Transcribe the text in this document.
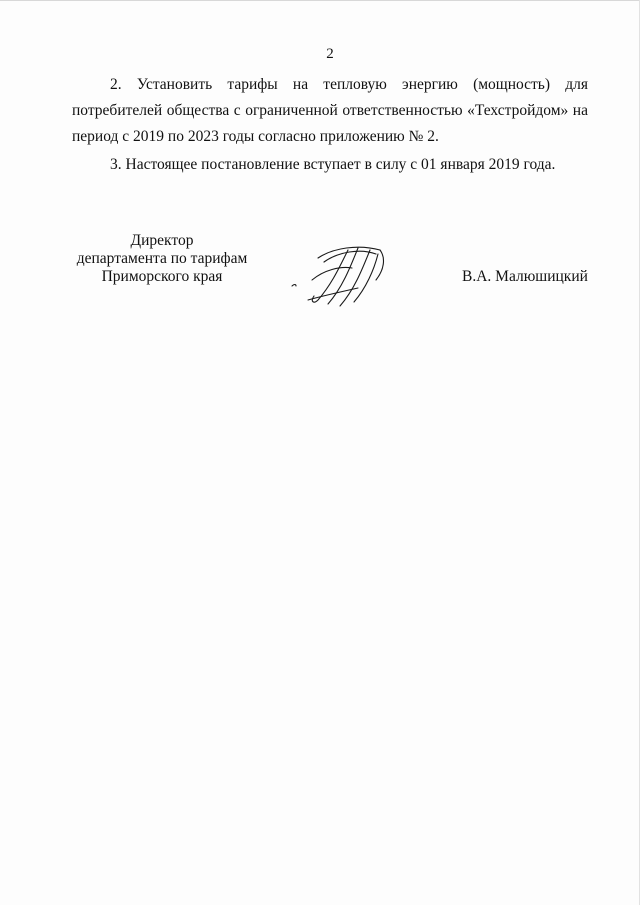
2
2. Установить тарифы на тепловую энергию (мощность) для
потребителей общества с ограниченной ответственностью «Техстройдом» на
период с 2019 по 2023 годы согласно приложению № 2.
3. Настоящее постановление вступает в силу с 01 января 2019 года.
Директор
департамента по тарифам
Приморского края	В.А. Малюшицкий
